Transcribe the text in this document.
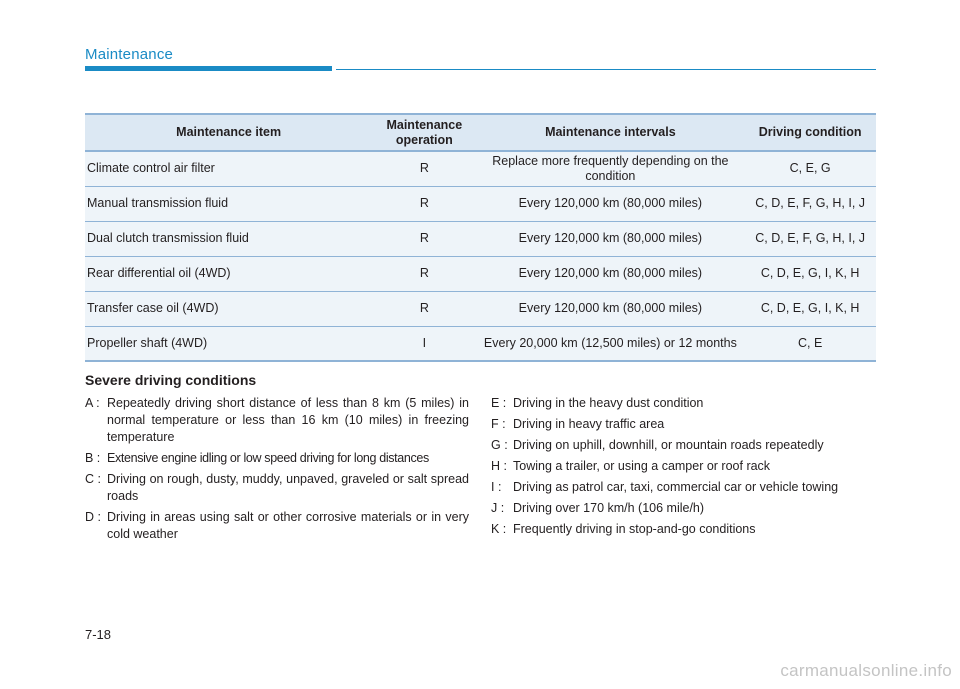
Maintenance
Maintenance item	Maintenance operation	Maintenance intervals	Driving condition
Climate control air filter	R	Replace more frequently depending on the condition	C, E, G
Manual transmission fluid	R	Every 120,000 km (80,000 miles)	C, D, E, F, G, H, I, J
Dual clutch transmission fluid	R	Every 120,000 km (80,000 miles)	C, D, E, F, G, H, I, J
Rear differential oil (4WD)	R	Every 120,000 km (80,000 miles)	C, D, E, G, I, K, H
Transfer case oil (4WD)	R	Every 120,000 km (80,000 miles)	C, D, E, G, I, K, H
Propeller shaft (4WD)	I	Every 20,000 km (12,500 miles) or 12 months	C, E
Severe driving conditions
A : Repeatedly driving short distance of less than 8 km (5 miles) in normal temperature or less than 16 km (10 miles) in freezing temperature
B : Extensive engine idling or low speed driving for long distances
C : Driving on rough, dusty, muddy, unpaved, graveled or salt spread roads
D : Driving in areas using salt or other corrosive materials or in very cold weather
E : Driving in the heavy dust condition
F : Driving in heavy traffic area
G : Driving on uphill, downhill, or mountain roads repeatedly
H : Towing a trailer, or using a camper or roof rack
I : Driving as patrol car, taxi, commercial car or vehicle towing
J : Driving over 170 km/h (106 mile/h)
K : Frequently driving in stop-and-go conditions
7-18
carmanualsonline.info
